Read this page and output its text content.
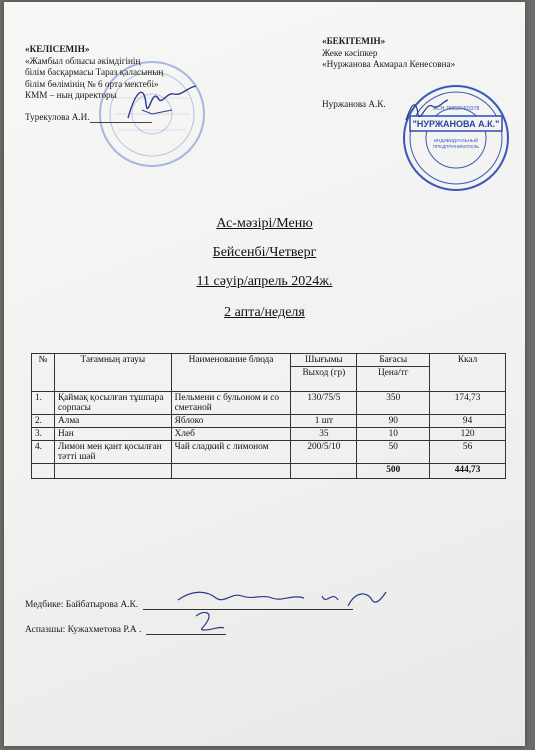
"НУРЖАНОВА А.К."
ЖСН 790527403378
ИНДИВИДУАЛЬНЫЙ
ПРЕДПРИНИМАТЕЛЬ
«КЕЛІСЕМІН»
«Жамбыл облысы әкімдігінің
білім басқармасы Тараз қаласының
білім бөлімінің № 6 орта мектебі»
КММ – ның директоры
Турекулова А.И.
«БЕКІТЕМІН»
Жеке кәсіпкер
«Нуржанова Акмарал Кенесовна»
Нуржанова А.К.
Ас-мәзірі/Меню
Бейсенбі/Четверг
11 сәуір/апрель 2024ж.
2 апта/неделя
№	Тағамның атауы	Наименование блюда	Шығымы	Бағасы	Ккал
			Выход (гр)	Цена/тг	
1.	Қаймақ қосылған тұшпара сорпасы	Пельмени с бульоном и со сметаной	130/75/5	350	174,73
2.	Алма	Яблоко	1 шт	90	94
3.	Нан	Хлеб	35	10	120
4.	Лимон мен қант қосылған тәтті шәй	Чай сладкий с лимоном	200/5/10	50	56
				500	444,73
Медбике: Байбатырова А.К.
Аспазшы: Кужахметова Р.А .
